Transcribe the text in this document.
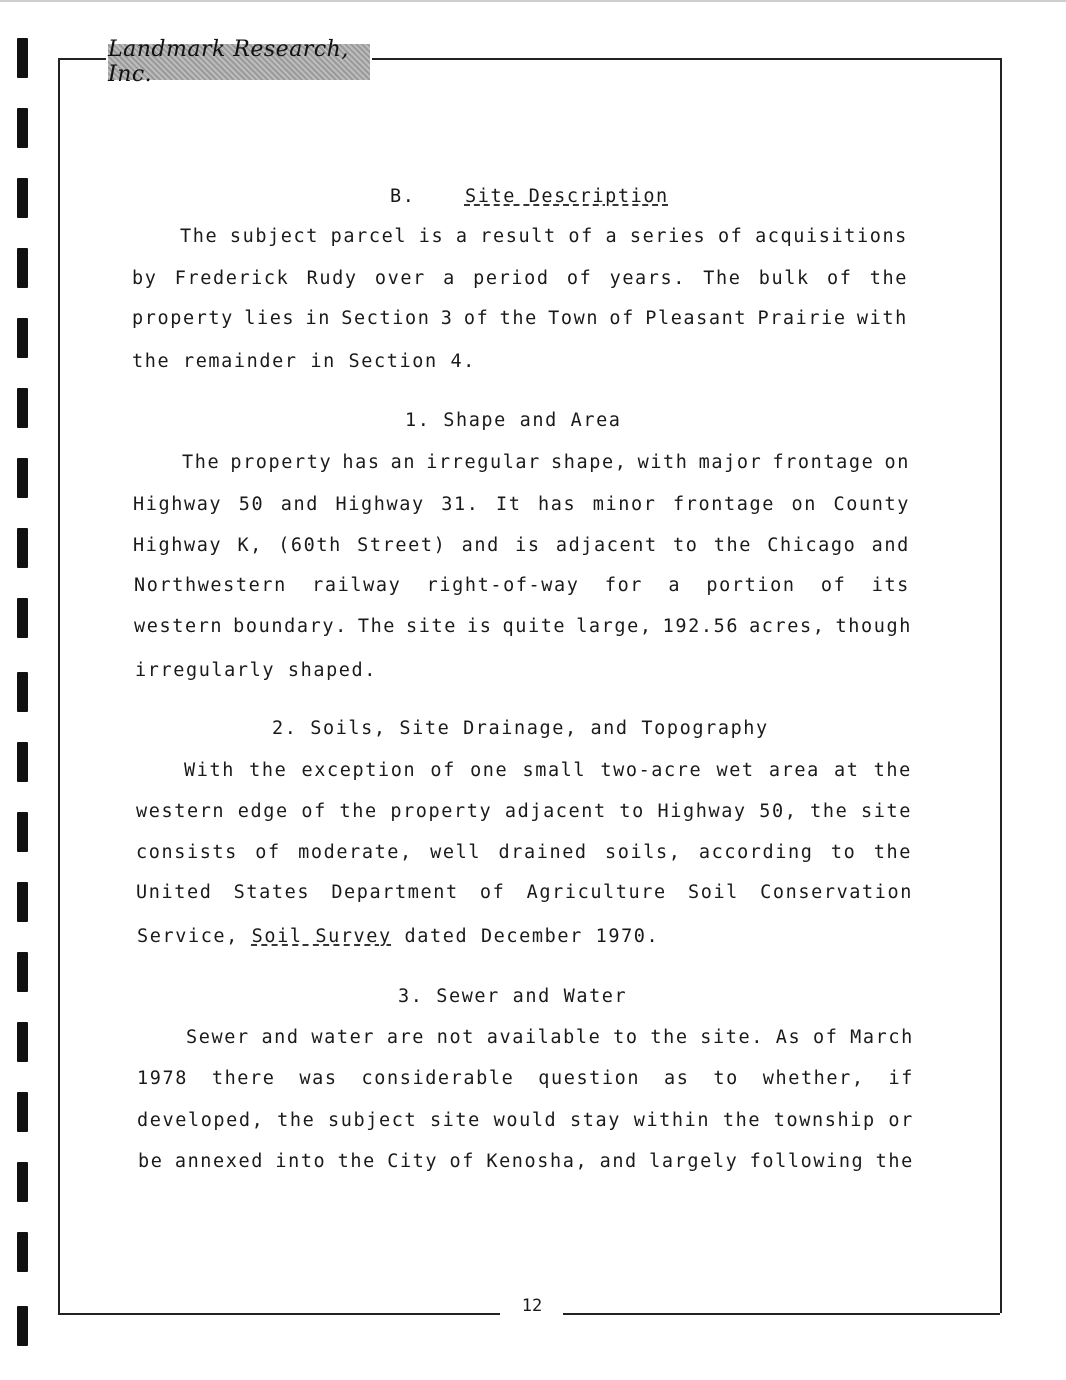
Landmark Research, Inc.
B.	Site Description
The subject parcel is a result of a series of acquisitions
by Frederick Rudy over a period of years. The bulk of the
property lies in Section 3 of the Town of Pleasant Prairie with
the remainder in Section 4.
1. Shape and Area
The property has an irregular shape, with major frontage on
Highway 50 and Highway 31. It has minor frontage on County
Highway K, (60th Street) and is adjacent to the Chicago and
Northwestern railway right-of-way for a portion of its
western boundary. The site is quite large, 192.56 acres, though
irregularly shaped.
2. Soils, Site Drainage, and Topography
With the exception of one small two-acre wet area at the
western edge of the property adjacent to Highway 50, the site
consists of moderate, well drained soils, according to the
United States Department of Agriculture Soil Conservation
Service, Soil Survey dated December 1970.
3. Sewer and Water
Sewer and water are not available to the site. As of March
1978 there was considerable question as to whether, if
developed, the subject site would stay within the township or
be annexed into the City of Kenosha, and largely following the
12
